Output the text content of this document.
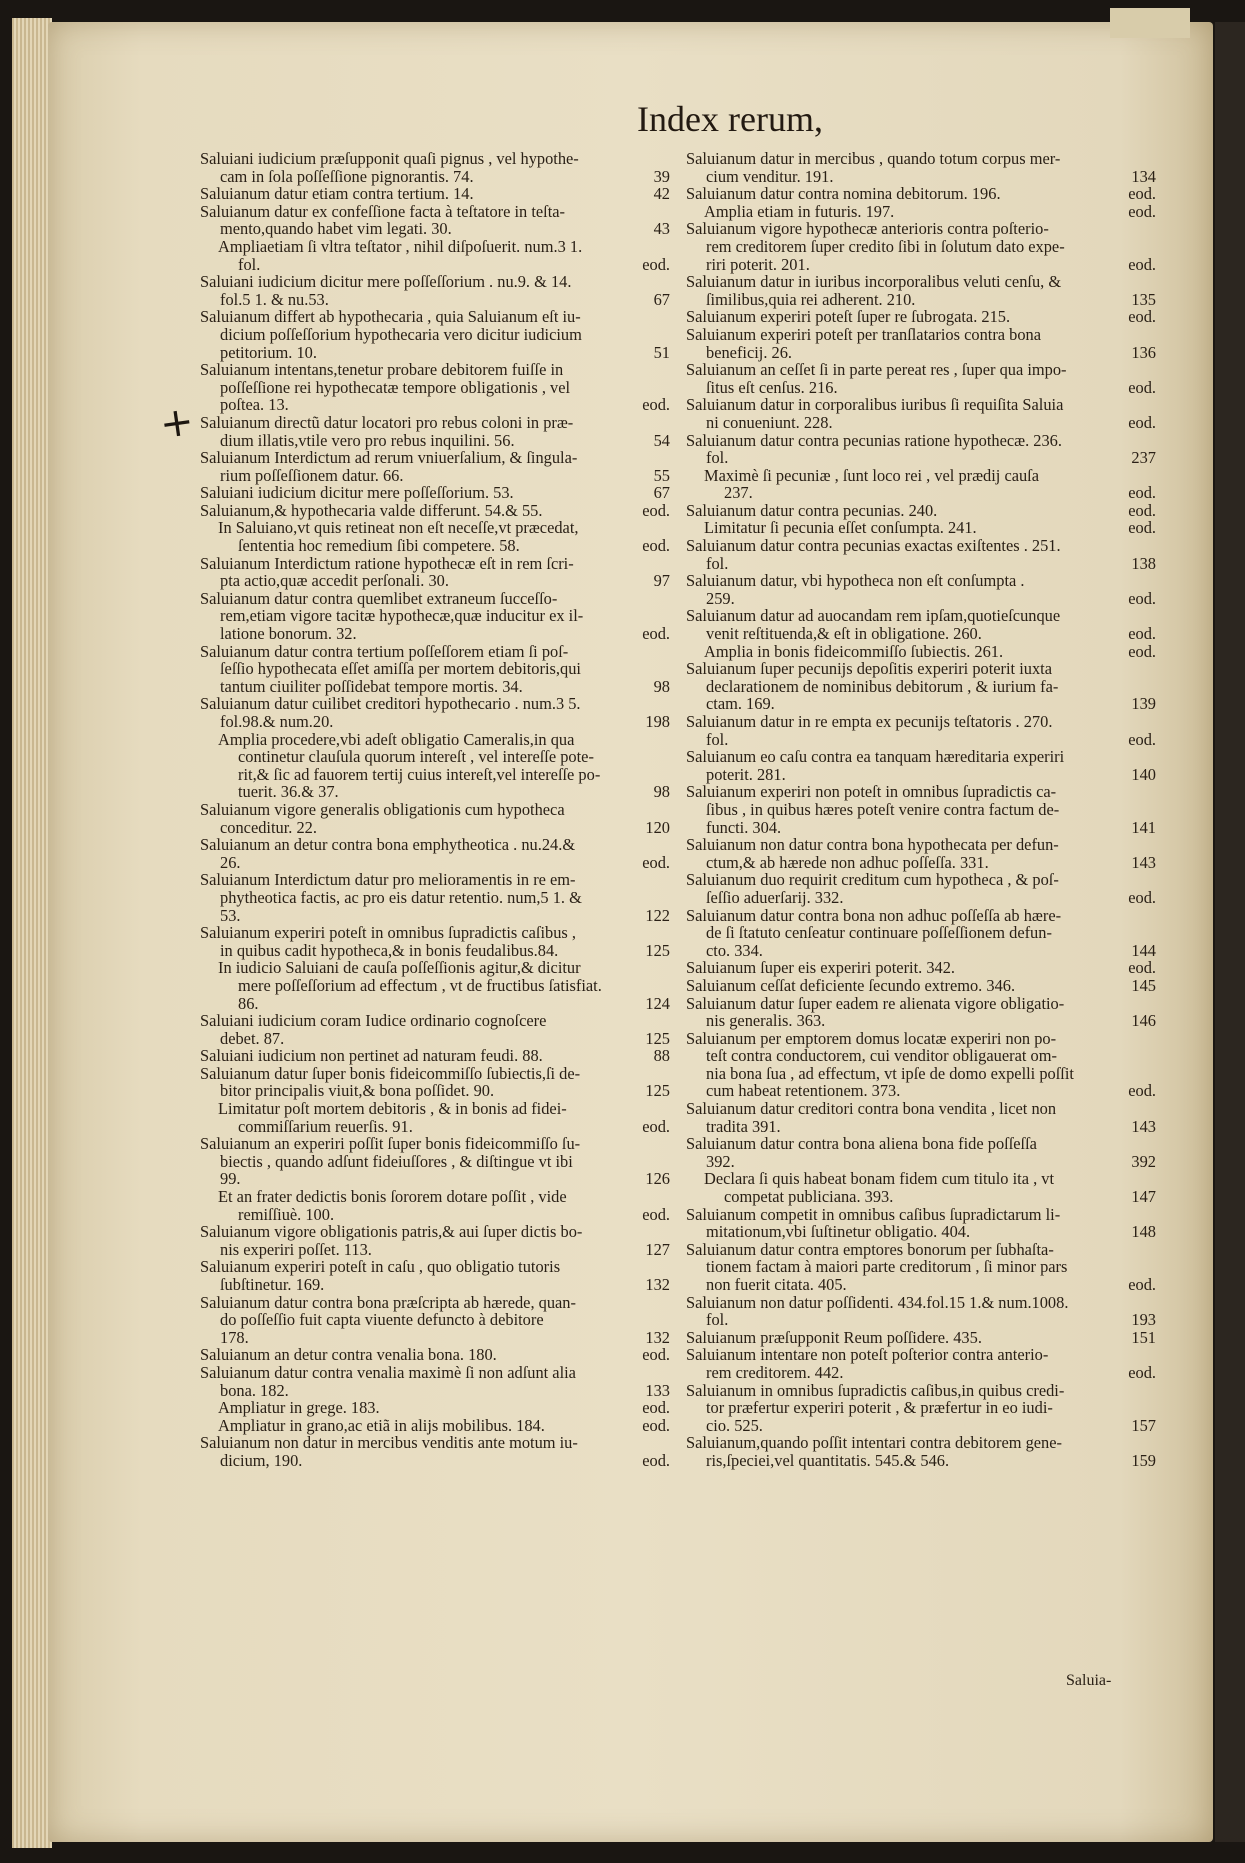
Index rerum,
+
Saluiani iudicium præſupponit quaſi pignus , vel hypothe-
39
cam in ſola poſſeſſione pignorantis. 74.
42
Saluianum datur etiam contra tertium. 14.
Saluianum datur ex confeſſione facta à teſtatore in teſta-
43
mento,quando habet vim legati. 30.
Ampliaetiam ſi vltra teſtator , nihil diſpoſuerit. num.3 1.
eod.
fol.
Saluiani iudicium dicitur mere poſſeſſorium . nu.9. & 14.
67
fol.5 1. & nu.53.
Saluianum differt ab hypothecaria , quia Saluianum eſt iu-
dicium poſſeſſorium hypothecaria vero dicitur iudicium
51
petitorium. 10.
Saluianum intentans,tenetur probare debitorem fuiſſe in
poſſeſſione rei hypothecatæ tempore obligationis , vel
eod.
poſtea. 13.
Saluianum directũ datur locatori pro rebus coloni in præ-
54
dium illatis,vtile vero pro rebus inquilini. 56.
Saluianum Interdictum ad rerum vniuerſalium, & ſingula-
55
rium poſſeſſionem datur. 66.
67
Saluiani iudicium dicitur mere poſſeſſorium. 53.
eod.
Saluianum,& hypothecaria valde differunt. 54.& 55.
In Saluiano,vt quis retineat non eſt neceſſe,vt præcedat,
eod.
ſententia hoc remedium ſibi competere. 58.
Saluianum Interdictum ratione hypothecæ eſt in rem ſcri-
97
pta actio,quæ accedit perſonali. 30.
Saluianum datur contra quemlibet extraneum ſucceſſo-
rem,etiam vigore tacitæ hypothecæ,quæ inducitur ex il-
eod.
latione bonorum. 32.
Saluianum datur contra tertium poſſeſſorem etiam ſi poſ-
ſeſſio hypothecata eſſet amiſſa per mortem debitoris,qui
98
tantum ciuiliter poſſidebat tempore mortis. 34.
Saluianum datur cuilibet creditori hypothecario . num.3 5.
198
fol.98.& num.20.
Amplia procedere,vbi adeſt obligatio Cameralis,in qua
continetur clauſula quorum intereſt , vel intereſſe pote-
rit,& ſic ad fauorem tertij cuius intereſt,vel intereſſe po-
98
tuerit. 36.& 37.
Saluianum vigore generalis obligationis cum hypotheca
120
conceditur. 22.
Saluianum an detur contra bona emphytheotica . nu.24.&
eod.
26.
Saluianum Interdictum datur pro melioramentis in re em-
phytheotica factis, ac pro eis datur retentio. num,5 1. &
122
53.
Saluianum experiri poteſt in omnibus ſupradictis caſibus ,
125
in quibus cadit hypotheca,& in bonis feudalibus.84.
In iudicio Saluiani de cauſa poſſeſſionis agitur,& dicitur
mere poſſeſſorium ad effectum , vt de fructibus ſatisfiat.
124
86.
Saluiani iudicium coram Iudice ordinario cognoſcere
125
debet. 87.
88
Saluiani iudicium non pertinet ad naturam feudi. 88.
Saluianum datur ſuper bonis fideicommiſſo ſubiectis,ſi de-
125
bitor principalis viuit,& bona poſſidet. 90.
Limitatur poſt mortem debitoris , & in bonis ad fidei-
eod.
commiſſarium reuerſis. 91.
Saluianum an experiri poſſit ſuper bonis fideicommiſſo ſu-
biectis , quando adſunt fideiuſſores , & diſtingue vt ibi
126
99.
Et an frater dedictis bonis ſororem dotare poſſit , vide
eod.
remiſſiuè. 100.
Saluianum vigore obligationis patris,& aui ſuper dictis bo-
127
nis experiri poſſet. 113.
Saluianum experiri poteſt in caſu , quo obligatio tutoris
132
ſubſtinetur. 169.
Saluianum datur contra bona præſcripta ab hærede, quan-
do poſſeſſio fuit capta viuente defuncto à debitore
132
178.
eod.
Saluianum an detur contra venalia bona. 180.
Saluianum datur contra venalia maximè ſi non adſunt alia
133
bona. 182.
eod.
Ampliatur in grege. 183.
eod.
Ampliatur in grano,ac etiã in alijs mobilibus. 184.
Saluianum non datur in mercibus venditis ante motum iu-
eod.
dicium, 190.
Saluianum datur in mercibus , quando totum corpus mer-
134
cium venditur. 191.
eod.
Saluianum datur contra nomina debitorum. 196.
eod.
Amplia etiam in futuris. 197.
Saluianum vigore hypothecæ anterioris contra poſterio-
rem creditorem ſuper credito ſibi in ſolutum dato expe-
eod.
riri poterit. 201.
Saluianum datur in iuribus incorporalibus veluti cenſu, &
135
ſimilibus,quia rei adherent. 210.
eod.
Saluianum experiri poteſt ſuper re ſubrogata. 215.
Saluianum experiri poteſt per tranſlatarios contra bona
136
beneficij. 26.
Saluianum an ceſſet ſi in parte pereat res , ſuper qua impo-
eod.
ſitus eſt cenſus. 216.
Saluianum datur in corporalibus iuribus ſi requiſita Saluia
eod.
ni conueniunt. 228.
Saluianum datur contra pecunias ratione hypothecæ. 236.
237
fol.
Maximè ſi pecuniæ , ſunt loco rei , vel prædij cauſa
eod.
237.
eod.
Saluianum datur contra pecunias. 240.
eod.
Limitatur ſi pecunia eſſet conſumpta. 241.
Saluianum datur contra pecunias exactas exiſtentes . 251.
138
fol.
Saluianum datur, vbi hypotheca non eſt conſumpta .
eod.
259.
Saluianum datur ad auocandam rem ipſam,quotieſcunque
eod.
venit reſtituenda,& eſt in obligatione. 260.
eod.
Amplia in bonis fideicommiſſo ſubiectis. 261.
Saluianum ſuper pecunijs depoſitis experiri poterit iuxta
declarationem de nominibus debitorum , & iurium fa-
139
ctam. 169.
Saluianum datur in re empta ex pecunijs teſtatoris . 270.
eod.
fol.
Saluianum eo caſu contra ea tanquam hæreditaria experiri
140
poterit. 281.
Saluianum experiri non poteſt in omnibus ſupradictis ca-
ſibus , in quibus hæres poteſt venire contra factum de-
141
functi. 304.
Saluianum non datur contra bona hypothecata per defun-
143
ctum,& ab hærede non adhuc poſſeſſa. 331.
Saluianum duo requirit creditum cum hypotheca , & poſ-
eod.
ſeſſio aduerſarij. 332.
Saluianum datur contra bona non adhuc poſſeſſa ab hære-
de ſi ſtatuto cenſeatur continuare poſſeſſionem defun-
144
cto. 334.
eod.
Saluianum ſuper eis experiri poterit. 342.
145
Saluianum ceſſat deficiente ſecundo extremo. 346.
Saluianum datur ſuper eadem re alienata vigore obligatio-
146
nis generalis. 363.
Saluianum per emptorem domus locatæ experiri non po-
teſt contra conductorem, cui venditor obligauerat om-
nia bona ſua , ad effectum, vt ipſe de domo expelli poſſit
eod.
cum habeat retentionem. 373.
Saluianum datur creditori contra bona vendita , licet non
143
tradita 391.
Saluianum datur contra bona aliena bona fide poſſeſſa
392
392.
Declara ſi quis habeat bonam fidem cum titulo ita , vt
147
competat publiciana. 393.
Saluianum competit in omnibus caſibus ſupradictarum li-
148
mitationum,vbi ſuſtinetur obligatio. 404.
Saluianum datur contra emptores bonorum per ſubhaſta-
tionem factam à maiori parte creditorum , ſi minor pars
eod.
non fuerit citata. 405.
Saluianum non datur poſſidenti. 434.fol.15 1.& num.1008.
193
fol.
151
Saluianum præſupponit Reum poſſidere. 435.
Saluianum intentare non poteſt poſterior contra anterio-
eod.
rem creditorem. 442.
Saluianum in omnibus ſupradictis caſibus,in quibus credi-
tor præfertur experiri poterit , & præfertur in eo iudi-
157
cio. 525.
Saluianum,quando poſſit intentari contra debitorem gene-
159
ris,ſpeciei,vel quantitatis. 545.& 546.
Saluia-
